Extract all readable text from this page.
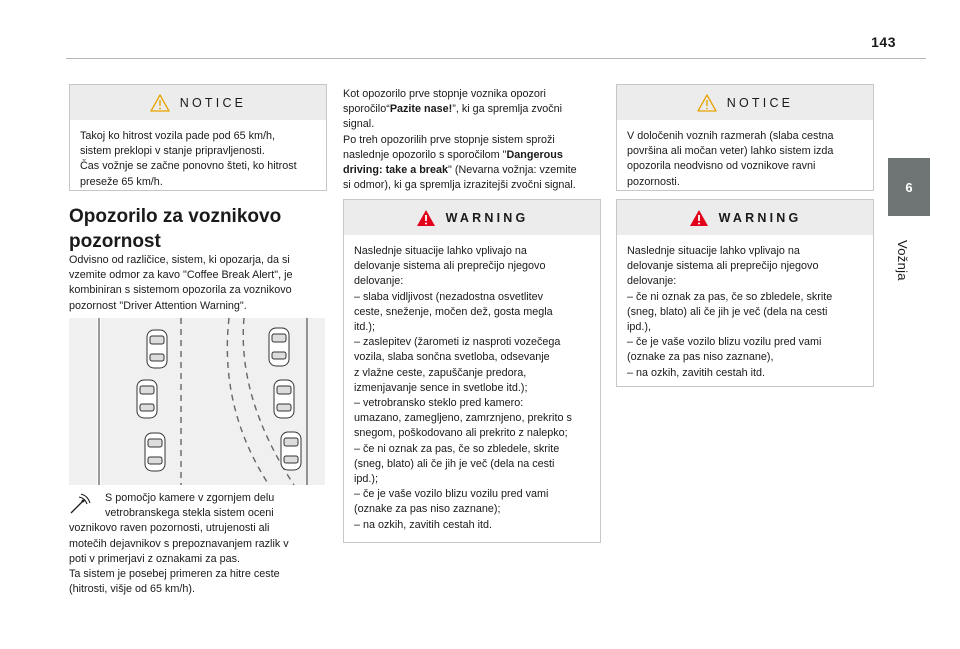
143
6
Vožnja
NOTICE

Takoj ko hitrost vozila pade pod 65 km/h,

sistem preklopi v stanje pripravljenosti.

Čas vožnje se začne ponovno šteti, ko hitrost

preseže 65 km/h.

Opozorilo za voznikovo pozornost

Odvisno od različice, sistem, ki opozarja, da si

vzemite odmor za kavo "Coffee Break Alert", je

kombiniran s sistemom opozorila za voznikovo

pozornost "Driver Attention Warning".

S pomočjo kamere v zgornjem delu

vetrobranskega stekla sistem oceni

voznikovo raven pozornosti, utrujenosti ali

motečih dejavnikov s prepoznavanjem razlik v

poti v primerjavi z oznakami za pas.

Ta sistem je posebej primeren za hitre ceste

(hitrosti, višje od 65 km/h).

Kot opozorilo prve stopnje voznika opozori

sporočilo“Pazite nase!”, ki ga spremlja zvočni

signal.

Po treh opozorilih prve stopnje sistem sproži

naslednje opozorilo s sporočilom "Dangerous

driving: take a break" (Nevarna vožnja: vzemite

si odmor), ki ga spremlja izrazitejši zvočni signal.

WARNING

Naslednje situacije lahko vplivajo na

delovanje sistema ali preprečijo njegovo

delovanje:

– slaba vidljivost (nezadostna osvetlitev

ceste, sneženje, močen dež, gosta megla

itd.);

– zaslepitev (žarometi iz nasproti vozečega

vozila, slaba sončna svetloba, odsevanje

z vlažne ceste, zapuščanje predora,

izmenjavanje sence in svetlobe itd.);

– vetrobransko steklo pred kamero:

umazano, zamegljeno, zamrznjeno, prekrito s

snegom, poškodovano ali prekrito z nalepko;

– če ni oznak za pas, če so zbledele, skrite

(sneg, blato) ali če jih je več (dela na cesti

ipd.);

– če je vaše vozilo blizu vozilu pred vami

(oznake za pas niso zaznane);

– na ozkih, zavitih cestah itd.

NOTICE

V določenih voznih razmerah (slaba cestna

površina ali močan veter) lahko sistem izda

opozorila neodvisno od voznikove ravni

pozornosti.

WARNING

Naslednje situacije lahko vplivajo na

delovanje sistema ali preprečijo njegovo

delovanje:

– če ni oznak za pas, če so zbledele, skrite

(sneg, blato) ali če jih je več (dela na cesti

ipd.),

– če je vaše vozilo blizu vozilu pred vami

(oznake za pas niso zaznane),

– na ozkih, zavitih cestah itd.
